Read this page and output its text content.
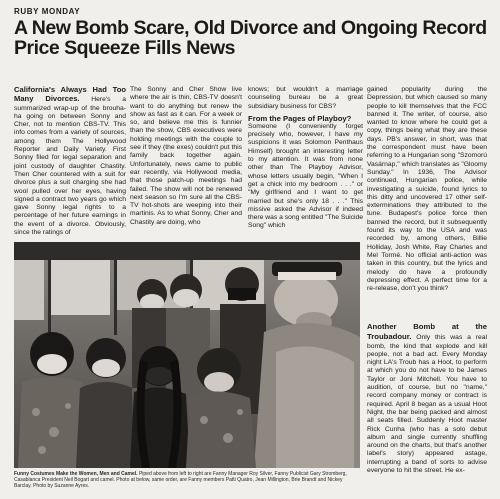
RUBY MONDAY
A New Bomb Scare, Old Divorce and Ongoing Record Price Squeeze Fills News

California's Always Had Too Many Divorces. Here's a summarized wrap-up of the brouha-ha going on between Sonny and Cher, not to mention CBS-TV. This info comes from a variety of sources, among them The Hollywood Reporter and Daily Variety. First Sonny filed for legal separation and joint custody of daughter Chastity. Then Cher countered with a suit for divorce plus a suit charging she had wool pulled over her eyes, having signed a contract two years go which gave Sonny legal rights to a percentage of her future earnings in the event of a divorce. Obviously, since the ratings of

The Sonny and Cher Show live where the air is thin, CBS-TV doesn't want to do anything but renew the show as fast as it can. For a week or so, and believe me this is funnier than the show, CBS executives were holding meetings with the couple to see if they (the exes) couldn't put this family back together again. Unfortunately, news came to public ear recently, via Hollywood media, that those patch-up meetings had failed. The show will not be renewed next season so I'm sure all the CBS-TV hot-shots are weeping into their martinis. As to what Sonny, Cher and Chastity are doing, who

knows; but wouldn't a marriage counseling bureau be a great subsidiary business for CBS?

From the Pages of Playboy?

Someone (I conveniently forget precisely who, however, I have my suspicions it was Solomon Penthaus Himself) brought an interesting letter to my attention. It was from none other than The Playboy Advisor, whose letters usually begin, "When I get a chick into my bedroom . . ." or "My girlfriend and I want to get married but she's only 18 . . ." This missive asked the Advisor if indeed there was a song entitled "The Suicide Song" which

gained popularity during the Depression, but which caused so many people to kill themselves that the FCC banned it. The writer, of course, also wanted to know where he could get a copy, things being what they are these days. PB's answer, in short, was that the correspondent must have been referring to a Hungarian song "Szomorú Vasárnap," which translates as "Gloomy Sunday." In 1936, The Advisor continued, Hungarian police, while investigating a suicide, found lyrics to this ditty and uncovered 17 other self-exterminations they attributed to the tune. Budapest's police force then banned the record, but it subsequently found its way to the USA and was recorded by, among others, Billie Holliday, Josh White, Ray Charles and Mel Tormé. No official anti-action was taken in this country, but the lyrics and melody do have a profoundly depressing effect. A perfect time for a re-release, don't you think?

Another Bomb at the Troubadour. Only this was a real bomb, the kind that explode and kill people, not a bad act. Every Monday night LA's Troub has a Hoot, to perform at which you do not have to be James Taylor or Joni Mitchell. You have to audition, of course, but no "name," record company money or contract is required. April 8 began as a usual Hoot Night, the bar being packed and almost all seats filled. Suddenly Hoot master Rick Cunha (who has a solo debut album and single currently shuffling around on the charts, but that's another label's story) appeared astage, interrupting a band of sorts to advise everyone to hit the street. He ex-

Funny Costumes Make the Women, Men and Camel. Piped above from left to right are Fanny Manager Roy Silver, Fanny Publicist Gary Stromberg, Casablanca President Neil Bogart and camel. Photo at below, same order, are Fanny members Patti Quatro, Jean Millington, Brie Brandt and Nickey Barclay. Photo by Suzanne Ayres.
